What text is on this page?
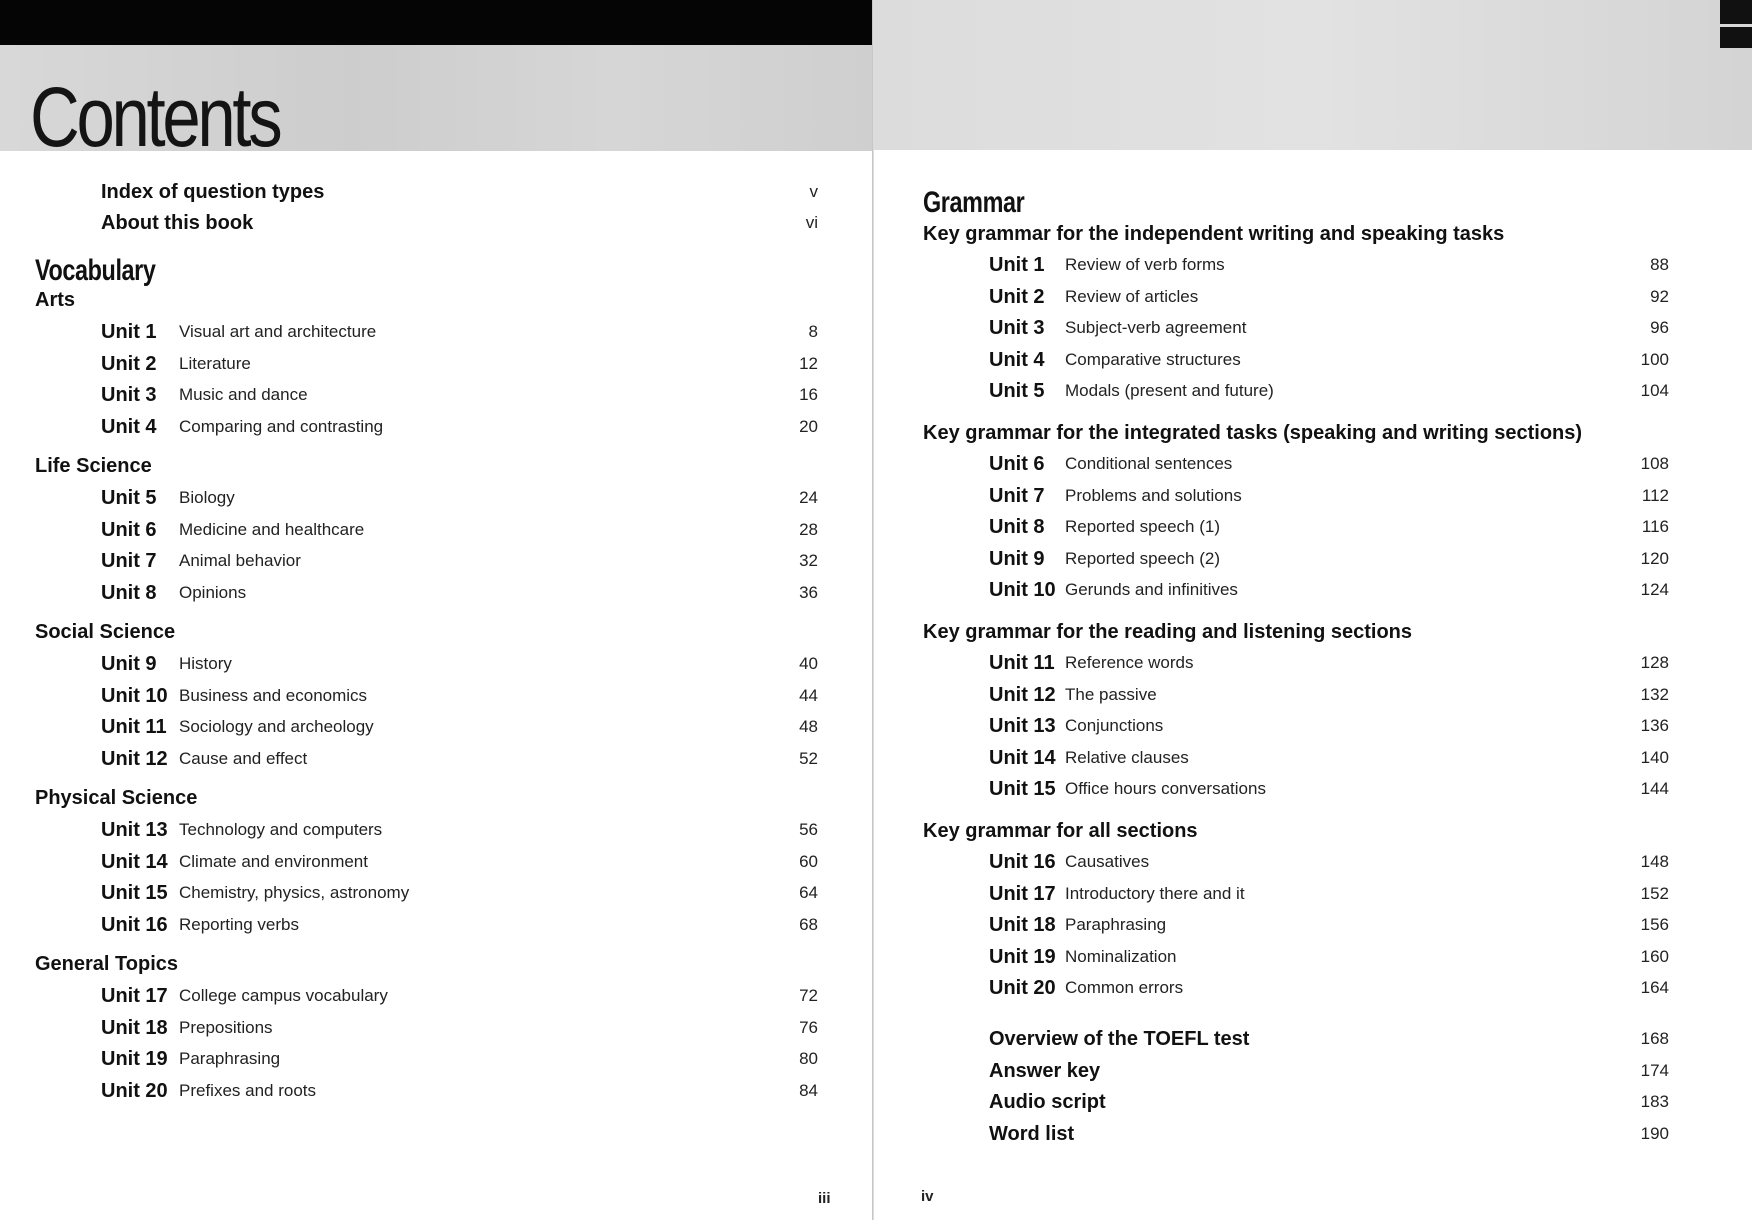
Contents
Index of question types	v
About this book	vi
Vocabulary
Arts
Unit 1 Visual art and architecture	8
Unit 2 Literature	12
Unit 3 Music and dance	16
Unit 4 Comparing and contrasting	20
Life Science
Unit 5 Biology	24
Unit 6 Medicine and healthcare	28
Unit 7 Animal behavior	32
Unit 8 Opinions	36
Social Science
Unit 9 History	40
Unit 10 Business and economics	44
Unit 11 Sociology and archeology	48
Unit 12 Cause and effect	52
Physical Science
Unit 13 Technology and computers	56
Unit 14 Climate and environment	60
Unit 15 Chemistry, physics, astronomy	64
Unit 16 Reporting verbs	68
General Topics
Unit 17 College campus vocabulary	72
Unit 18 Prepositions	76
Unit 19 Paraphrasing	80
Unit 20 Prefixes and roots	84
iii
Grammar
Key grammar for the independent writing and speaking tasks
Unit 1 Review of verb forms	88
Unit 2 Review of articles	92
Unit 3 Subject-verb agreement	96
Unit 4 Comparative structures	100
Unit 5 Modals (present and future)	104
Key grammar for the integrated tasks (speaking and writing sections)
Unit 6 Conditional sentences	108
Unit 7 Problems and solutions	112
Unit 8 Reported speech (1)	116
Unit 9 Reported speech (2)	120
Unit 10 Gerunds and infinitives	124
Key grammar for the reading and listening sections
Unit 11 Reference words	128
Unit 12 The passive	132
Unit 13 Conjunctions	136
Unit 14 Relative clauses	140
Unit 15 Office hours conversations	144
Key grammar for all sections
Unit 16 Causatives	148
Unit 17 Introductory there and it	152
Unit 18 Paraphrasing	156
Unit 19 Nominalization	160
Unit 20 Common errors	164
Overview of the TOEFL test	168
Answer key	174
Audio script	183
Word list	190
iv
